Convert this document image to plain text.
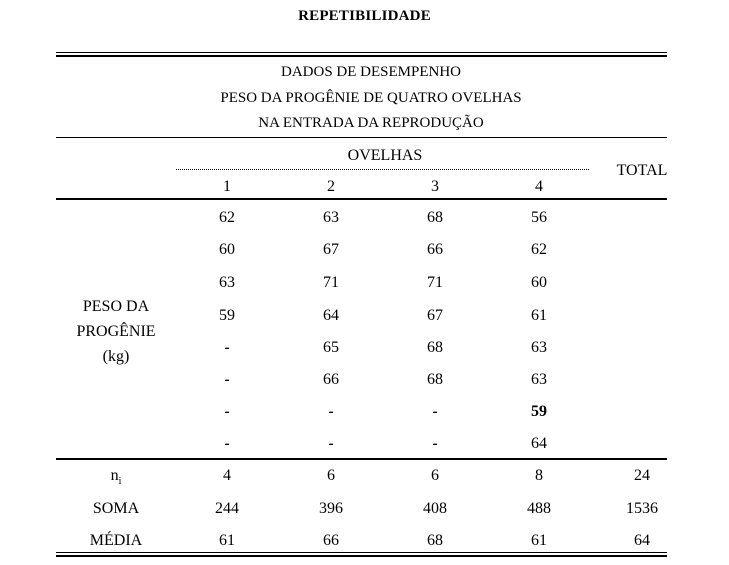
REPETIBILIDADE
DADOS DE DESEMPENHO
PESO DA PROGÊNIE DE QUATRO OVELHAS
NA ENTRADA DA REPRODUÇÃO
OVELHAS
TOTAL
1	2	3	4
PESO DA
PROGÊNIE
(kg)
62	63	68	56
60	67	66	62
63	71	71	60
59	64	67	61
-	65	68	63
-	66	68	63
-	-	-	59
-	-	-	64
$n_i$	4	6	6	8	24
SOMA	244	396	408	488	1536
MÉDIA	61	66	68	61	64
